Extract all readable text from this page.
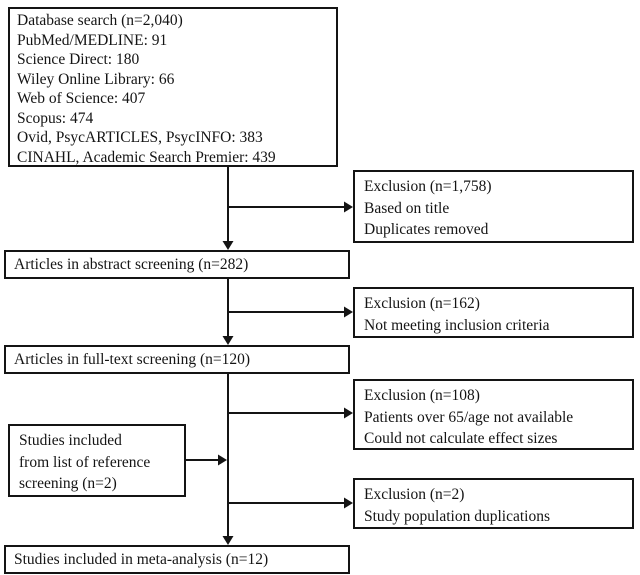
Database search (n=2,040)
PubMed/MEDLINE: 91
Science Direct: 180
Wiley Online Library: 66
Web of Science: 407
Scopus: 474
Ovid, PsycARTICLES, PsycINFO: 383
CINAHL, Academic Search Premier: 439
Exclusion (n=1,758)
Based on title
Duplicates removed
Articles in abstract screening (n=282)
Exclusion (n=162)
Not meeting inclusion criteria
Articles in full-text screening (n=120)
Exclusion (n=108)
Patients over 65/age not available
Could not calculate effect sizes
Studies included
from list of reference
screening (n=2)
Exclusion (n=2)
Study population duplications
Studies included in meta-analysis (n=12)
